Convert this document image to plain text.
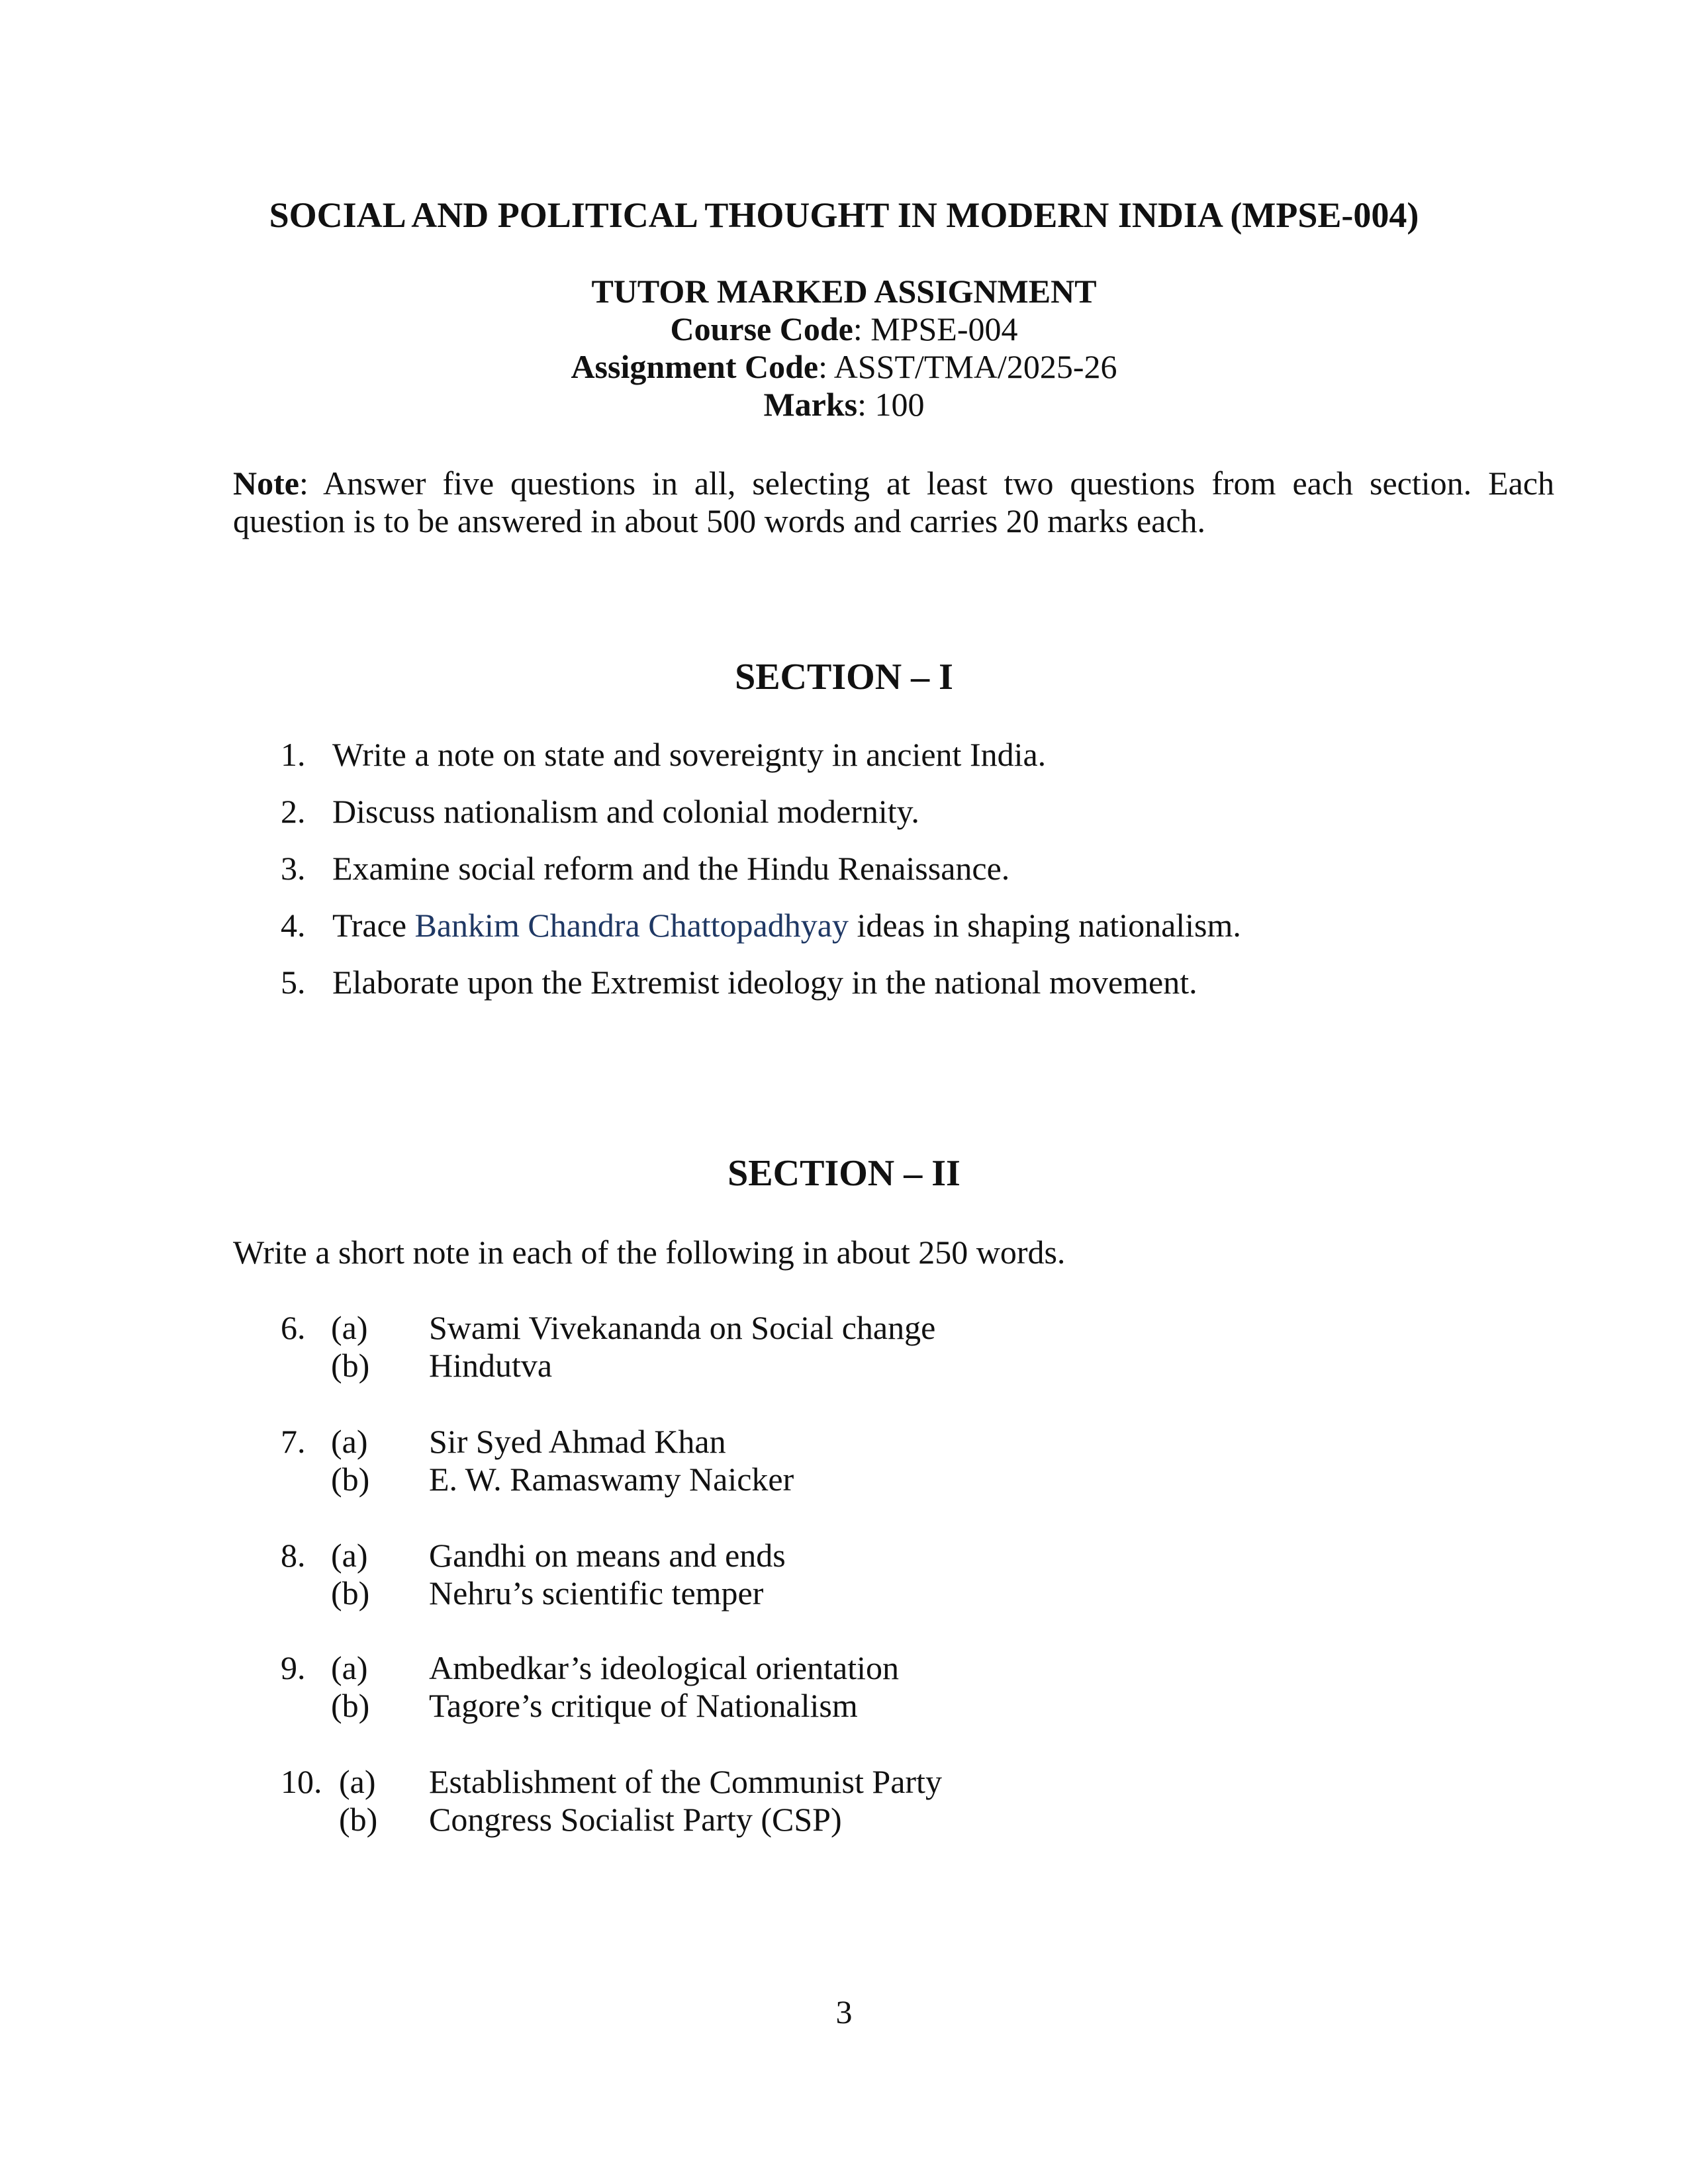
SOCIAL AND POLITICAL THOUGHT IN MODERN INDIA (MPSE-004)
TUTOR MARKED ASSIGNMENT
Course Code: MPSE-004
Assignment Code: ASST/TMA/2025-26
Marks: 100
Note: Answer five questions in all, selecting at least two questions from each section. Each question is to be answered in about 500 words and carries 20 marks each.
SECTION – I
1. Write a note on state and sovereignty in ancient India.
2. Discuss nationalism and colonial modernity.
3. Examine social reform and the Hindu Renaissance.
4. Trace Bankim Chandra Chattopadhyay ideas in shaping nationalism.
5. Elaborate upon the Extremist ideology in the national movement.
SECTION – II
Write a short note in each of the following in about 250 words.
6. (a) Swami Vivekananda on Social change
(b) Hindutva
7. (a) Sir Syed Ahmad Khan
(b) E. W. Ramaswamy Naicker
8. (a) Gandhi on means and ends
(b) Nehru’s scientific temper
9. (a) Ambedkar’s ideological orientation
(b) Tagore’s critique of Nationalism
10. (a) Establishment of the Communist Party
(b) Congress Socialist Party (CSP)
3
